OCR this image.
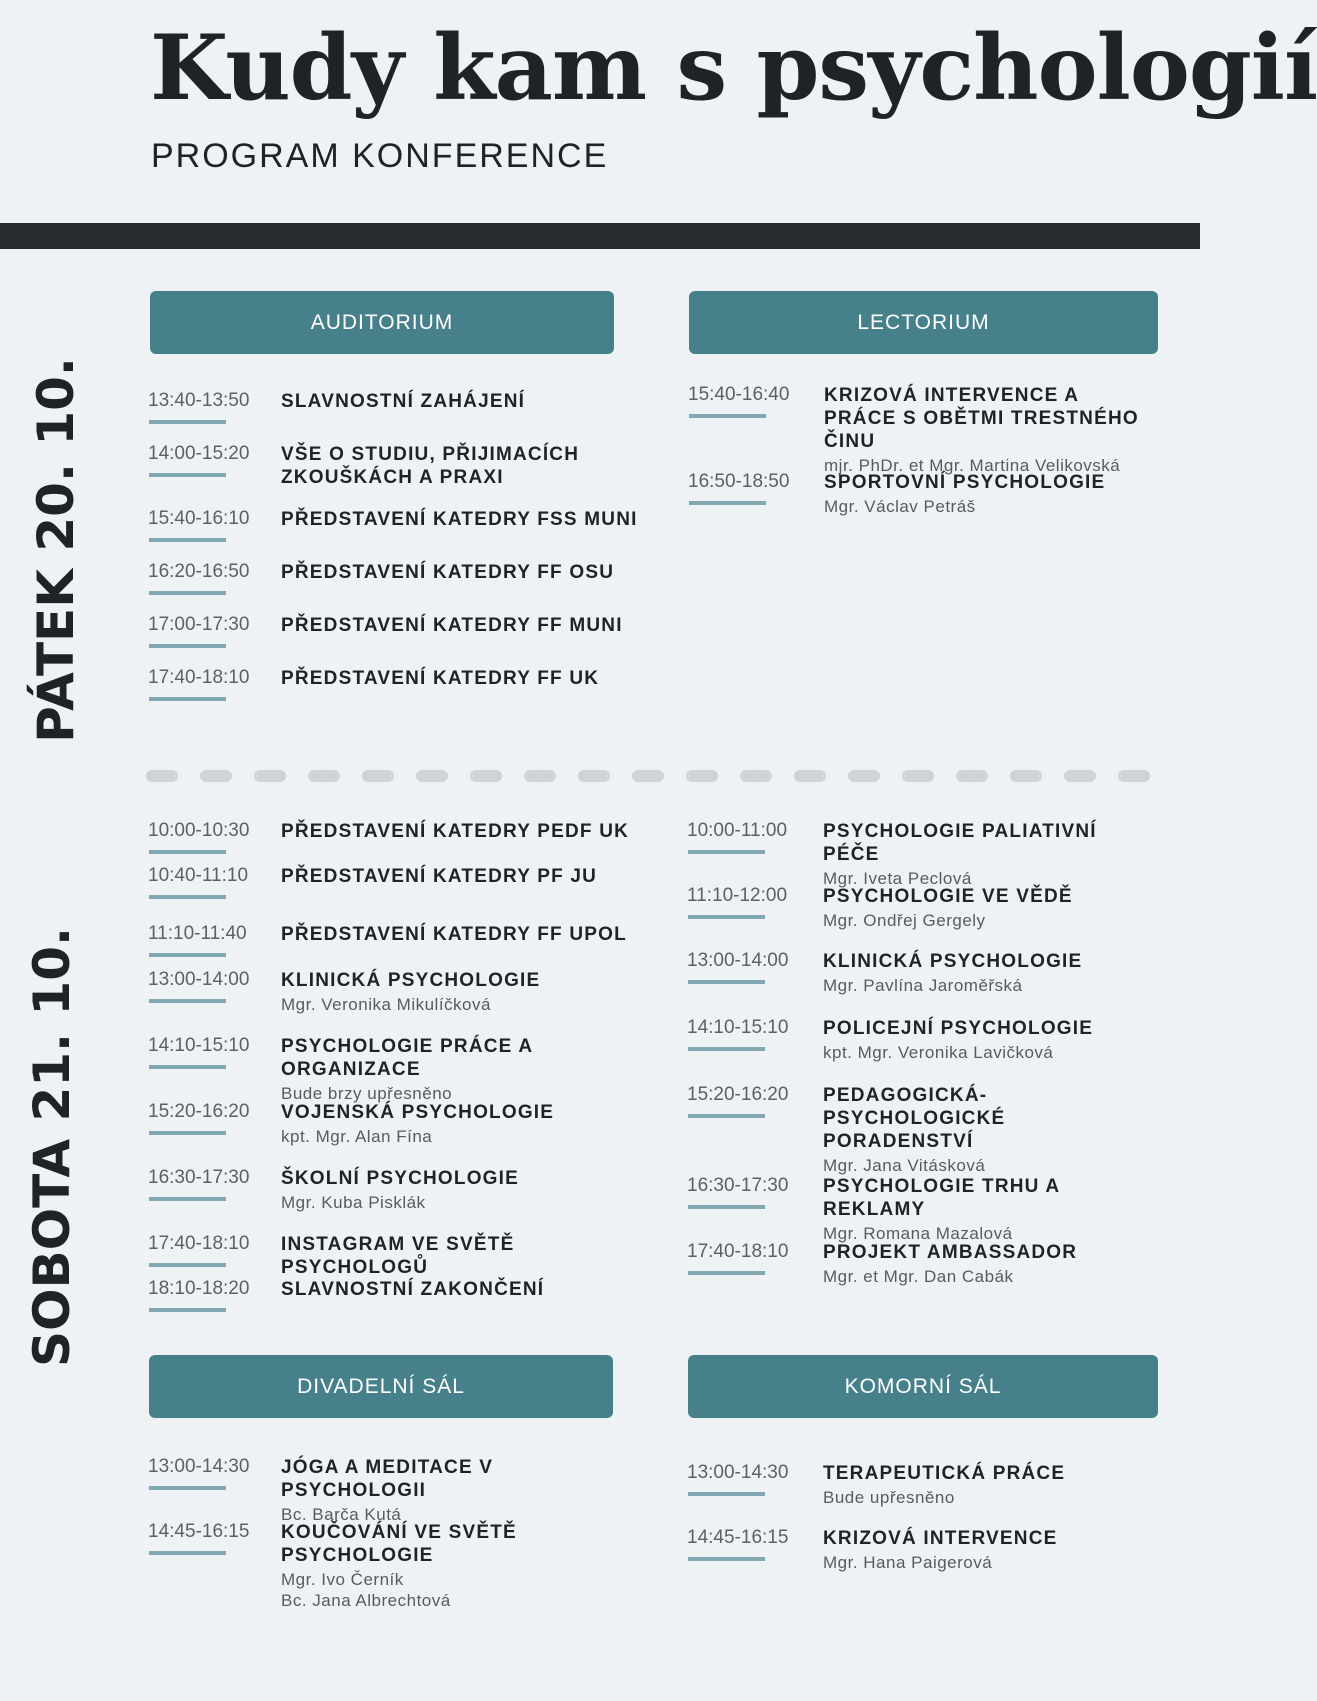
Kudy kam s psychologií
PROGRAM KONFERENCE
PÁTEK 20. 10.
SOBOTA 21. 10.
AUDITORIUM	LECTORIUM
DIVADELNÍ SÁL	KOMORNÍ SÁL
13:40-13:50 SLAVNOSTNÍ ZAHÁJENÍ
14:00-15:20 VŠE O STUDIU, PŘIJIMACÍCH ZKOUŠKÁCH A PRAXI
15:40-16:10 PŘEDSTAVENÍ KATEDRY FSS MUNI
16:20-16:50 PŘEDSTAVENÍ KATEDRY FF OSU
17:00-17:30 PŘEDSTAVENÍ KATEDRY FF MUNI
17:40-18:10 PŘEDSTAVENÍ KATEDRY FF UK
15:40-16:40 KRIZOVÁ INTERVENCE A PRÁCE S OBĚTMI TRESTNÉHO ČINU
mjr. PhDr. et Mgr. Martina Velikovská
16:50-18:50 SPORTOVNÍ PSYCHOLOGIE
Mgr. Václav Petráš
10:00-10:30 PŘEDSTAVENÍ KATEDRY PEDF UK
10:40-11:10 PŘEDSTAVENÍ KATEDRY PF JU
11:10-11:40 PŘEDSTAVENÍ KATEDRY FF UPOL
13:00-14:00 KLINICKÁ PSYCHOLOGIE
Mgr. Veronika Mikulíčková
14:10-15:10 PSYCHOLOGIE PRÁCE A ORGANIZACE
Bude brzy upřesněno
15:20-16:20 VOJENSKÁ PSYCHOLOGIE
kpt. Mgr. Alan Fína
16:30-17:30 ŠKOLNÍ PSYCHOLOGIE
Mgr. Kuba Pisklák
17:40-18:10 INSTAGRAM VE SVĚTĚ PSYCHOLOGŮ
18:10-18:20 SLAVNOSTNÍ ZAKONČENÍ
10:00-11:00 PSYCHOLOGIE PALIATIVNÍ PÉČE
Mgr. Iveta Peclová
11:10-12:00 PSYCHOLOGIE VE VĚDĚ
Mgr. Ondřej Gergely
13:00-14:00 KLINICKÁ PSYCHOLOGIE
Mgr. Pavlína Jaroměřská
14:10-15:10 POLICEJNÍ PSYCHOLOGIE
kpt. Mgr. Veronika Lavičková
15:20-16:20 PEDAGOGICKÁ-PSYCHOLOGICKÉ PORADENSTVÍ
Mgr. Jana Vitásková
16:30-17:30 PSYCHOLOGIE TRHU A REKLAMY
Mgr. Romana Mazalová
17:40-18:10 PROJEKT AMBASSADOR
Mgr. et Mgr. Dan Cabák
13:00-14:30 JÓGA A MEDITACE V PSYCHOLOGII
Bc. Barča Kutá
14:45-16:15 KOUČOVÁNÍ VE SVĚTĚ PSYCHOLOGIE
Mgr. Ivo Černík
Bc. Jana Albrechtová
13:00-14:30 TERAPEUTICKÁ PRÁCE
Bude upřesněno
14:45-16:15 KRIZOVÁ INTERVENCE
Mgr. Hana Paigerová
